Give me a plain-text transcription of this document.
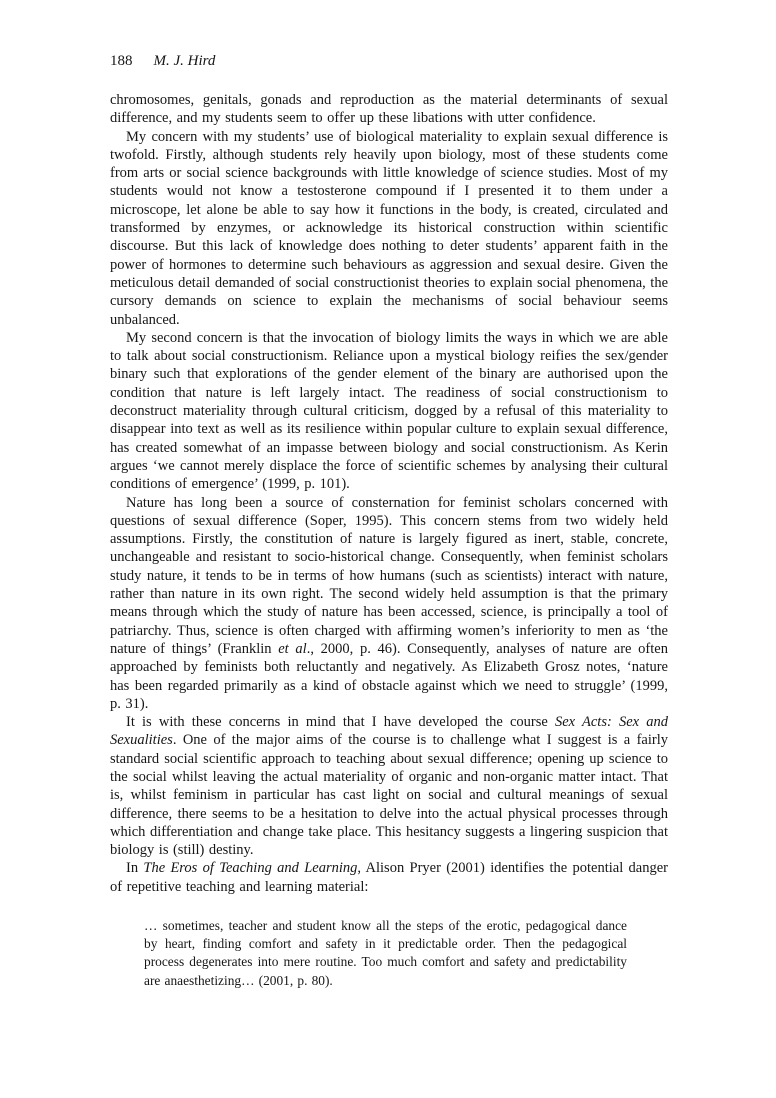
188 M. J. Hird

chromosomes, genitals, gonads and reproduction as the material determinants of sexual difference, and my students seem to offer up these libations with utter confidence.

My concern with my students’ use of biological materiality to explain sexual difference is twofold. Firstly, although students rely heavily upon biology, most of these students come from arts or social science backgrounds with little knowledge of science studies. Most of my students would not know a testosterone compound if I presented it to them under a microscope, let alone be able to say how it functions in the body, is created, circulated and transformed by enzymes, or acknowledge its historical construction within scientific discourse. But this lack of knowledge does nothing to deter students’ apparent faith in the power of hormones to determine such behaviours as aggression and sexual desire. Given the meticulous detail demanded of social constructionist theories to explain social phenomena, the cursory demands on science to explain the mechanisms of social behaviour seems unbalanced.

My second concern is that the invocation of biology limits the ways in which we are able to talk about social constructionism. Reliance upon a mystical biology reifies the sex/gender binary such that explorations of the gender element of the binary are authorised upon the condition that nature is left largely intact. The readiness of social constructionism to deconstruct materiality through cultural criticism, dogged by a refusal of this materiality to disappear into text as well as its resilience within popular culture to explain sexual difference, has created somewhat of an impasse between biology and social constructionism. As Kerin argues ‘we cannot merely displace the force of scientific schemes by analysing their cultural conditions of emergence’ (1999, p. 101).

Nature has long been a source of consternation for feminist scholars concerned with questions of sexual difference (Soper, 1995). This concern stems from two widely held assumptions. Firstly, the constitution of nature is largely figured as inert, stable, concrete, unchangeable and resistant to socio-historical change. Consequently, when feminist scholars study nature, it tends to be in terms of how humans (such as scientists) interact with nature, rather than nature in its own right. The second widely held assumption is that the primary means through which the study of nature has been accessed, science, is principally a tool of patriarchy. Thus, science is often charged with affirming women’s inferiority to men as ‘the nature of things’ (Franklin et al., 2000, p. 46). Consequently, analyses of nature are often approached by feminists both reluctantly and negatively. As Elizabeth Grosz notes, ‘nature has been regarded primarily as a kind of obstacle against which we need to struggle’ (1999, p. 31).

It is with these concerns in mind that I have developed the course Sex Acts: Sex and Sexualities. One of the major aims of the course is to challenge what I suggest is a fairly standard social scientific approach to teaching about sexual difference; opening up science to the social whilst leaving the actual materiality of organic and non-organic matter intact. That is, whilst feminism in particular has cast light on social and cultural meanings of sexual difference, there seems to be a hesitation to delve into the actual physical processes through which differentiation and change take place. This hesitancy suggests a lingering suspicion that biology is (still) destiny.

In The Eros of Teaching and Learning, Alison Pryer (2001) identifies the potential danger of repetitive teaching and learning material:

… sometimes, teacher and student know all the steps of the erotic, pedagogical dance by heart, finding comfort and safety in it predictable order. Then the pedagogical process degenerates into mere routine. Too much comfort and safety and predictability are anaesthetizing… (2001, p. 80).
